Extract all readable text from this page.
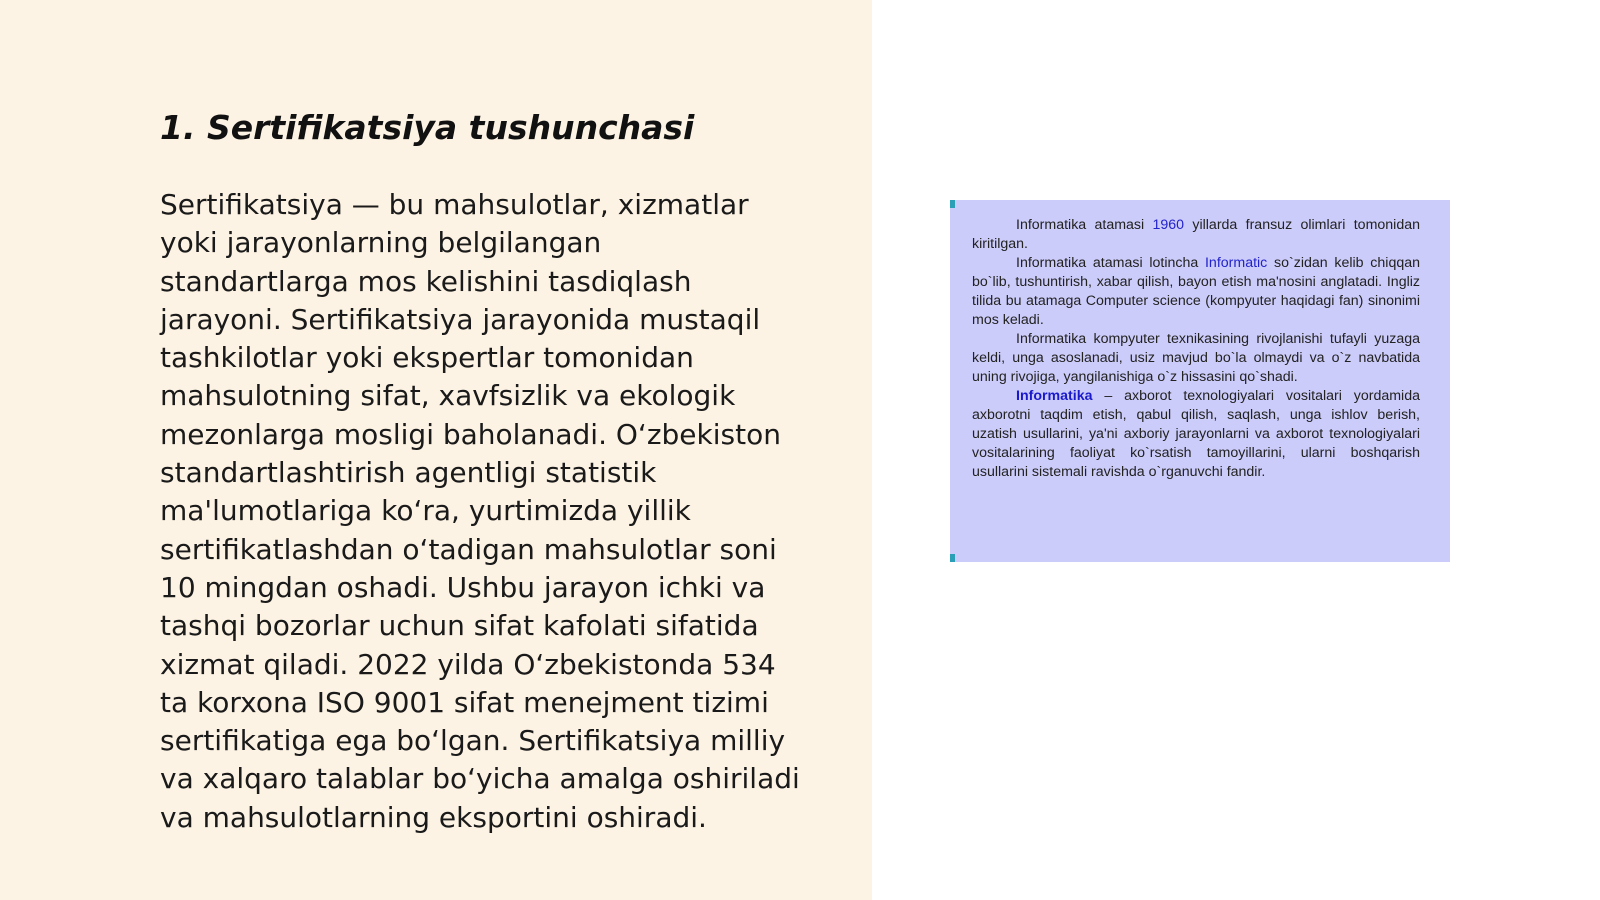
1. Sertifikatsiya tushunchasi
Sertifikatsiya — bu mahsulotlar, xizmatlar
yoki jarayonlarning belgilangan
standartlarga mos kelishini tasdiqlash
jarayoni. Sertifikatsiya jarayonida mustaqil
tashkilotlar yoki ekspertlar tomonidan
mahsulotning sifat, xavfsizlik va ekologik
mezonlarga mosligi baholanadi. O‘zbekiston
standartlashtirish agentligi statistik
ma'lumotlariga ko‘ra, yurtimizda yillik
sertifikatlashdan o‘tadigan mahsulotlar soni
10 mingdan oshadi. Ushbu jarayon ichki va
tashqi bozorlar uchun sifat kafolati sifatida
xizmat qiladi. 2022 yilda O‘zbekistonda 534
ta korxona ISO 9001 sifat menejment tizimi
sertifikatiga ega bo‘lgan. Sertifikatsiya milliy
va xalqaro talablar bo‘yicha amalga oshiriladi
va mahsulotlarning eksportini oshiradi.

Informatika atamasi 1960 yillarda fransuz olimlari tomonidan kiritilgan.

Informatika atamasi lotincha Informatic so`zidan kelib chiqqan bo`lib, tushuntirish, xabar qilish, bayon etish ma'nosini anglatadi. Ingliz tilida bu atamaga Computer science (kompyuter haqidagi fan) sinonimi mos keladi.

Informatika kompyuter texnikasining rivojlanishi tufayli yuzaga keldi, unga asoslanadi, usiz mavjud bo`la olmaydi va o`z navbatida uning rivojiga, yangilanishiga o`z hissasini qo`shadi.

Informatika – axborot texnologiyalari vositalari yordamida axborotni taqdim etish, qabul qilish, saqlash, unga ishlov berish, uzatish usullarini, ya'ni axboriy jarayonlarni va axborot texnologiyalari vositalarining faoliyat ko`rsatish tamoyillarini, ularni boshqarish usullarini sistemali ravishda o`rganuvchi fandir.
